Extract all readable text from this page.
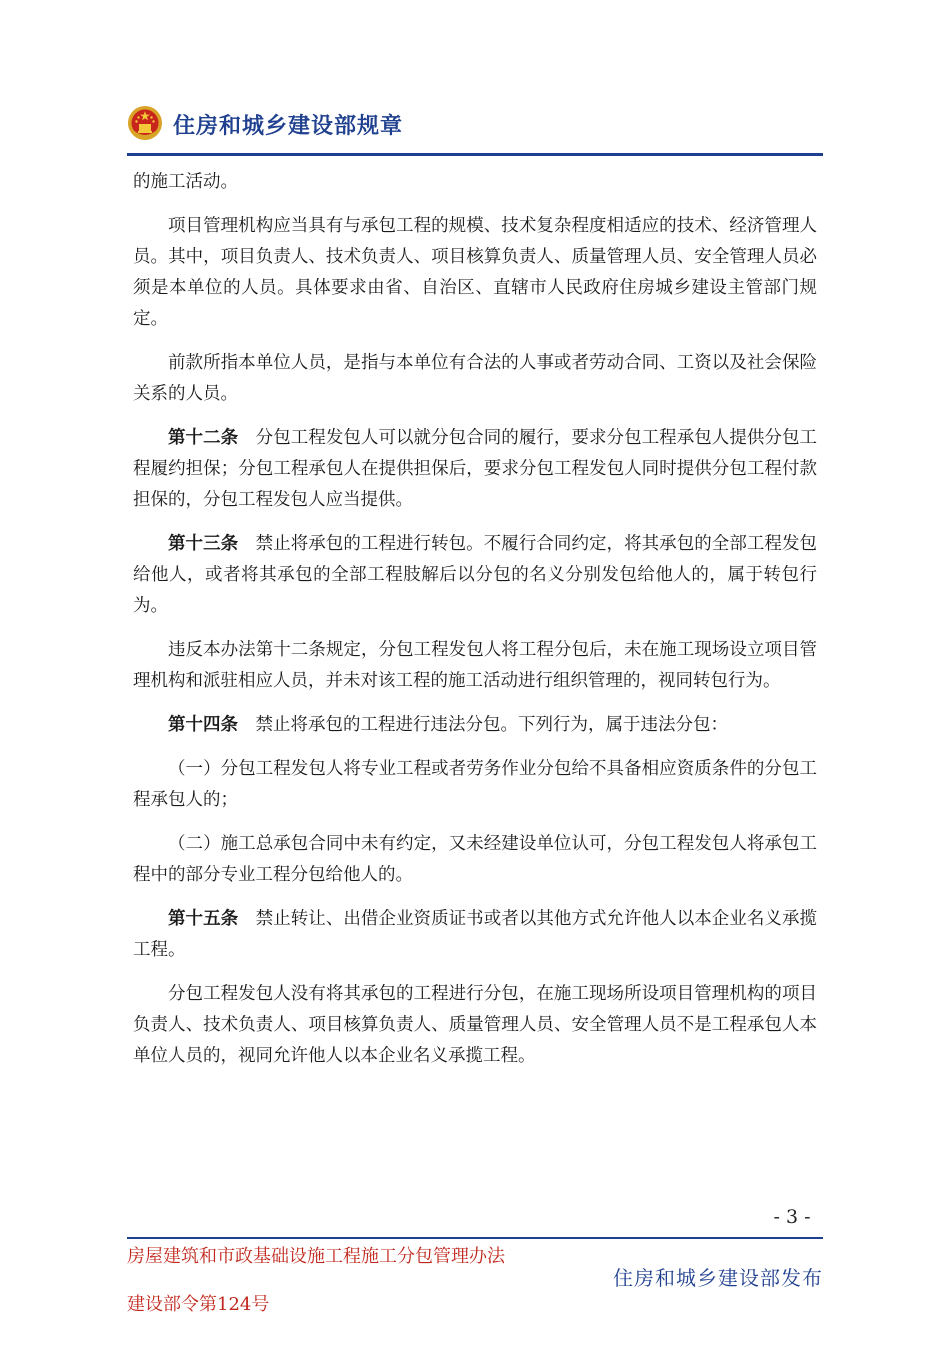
住房和城乡建设部规章

的施工活动。

项目管理机构应当具有与承包工程的规模、技术复杂程度相适应的技术、经济管理人员。其中，项目负责人、技术负责人、项目核算负责人、质量管理人员、安全管理人员必须是本单位的人员。具体要求由省、自治区、直辖市人民政府住房城乡建设主管部门规定。

前款所指本单位人员，是指与本单位有合法的人事或者劳动合同、工资以及社会保险关系的人员。

第十二条 分包工程发包人可以就分包合同的履行，要求分包工程承包人提供分包工程履约担保；分包工程承包人在提供担保后，要求分包工程发包人同时提供分包工程付款担保的，分包工程发包人应当提供。

第十三条 禁止将承包的工程进行转包。不履行合同约定，将其承包的全部工程发包给他人，或者将其承包的全部工程肢解后以分包的名义分别发包给他人的，属于转包行为。

违反本办法第十二条规定，分包工程发包人将工程分包后，未在施工现场设立项目管理机构和派驻相应人员，并未对该工程的施工活动进行组织管理的，视同转包行为。

第十四条 禁止将承包的工程进行违法分包。下列行为，属于违法分包：

（一）分包工程发包人将专业工程或者劳务作业分包给不具备相应资质条件的分包工程承包人的；

（二）施工总承包合同中未有约定，又未经建设单位认可，分包工程发包人将承包工程中的部分专业工程分包给他人的。

第十五条 禁止转让、出借企业资质证书或者以其他方式允许他人以本企业名义承揽工程。

分包工程发包人没有将其承包的工程进行分包，在施工现场所设项目管理机构的项目负责人、技术负责人、项目核算负责人、质量管理人员、安全管理人员不是工程承包人本单位人员的，视同允许他人以本企业名义承揽工程。

- 3 -
房屋建筑和市政基础设施工程施工分包管理办法
建设部令第124号
住房和城乡建设部发布
